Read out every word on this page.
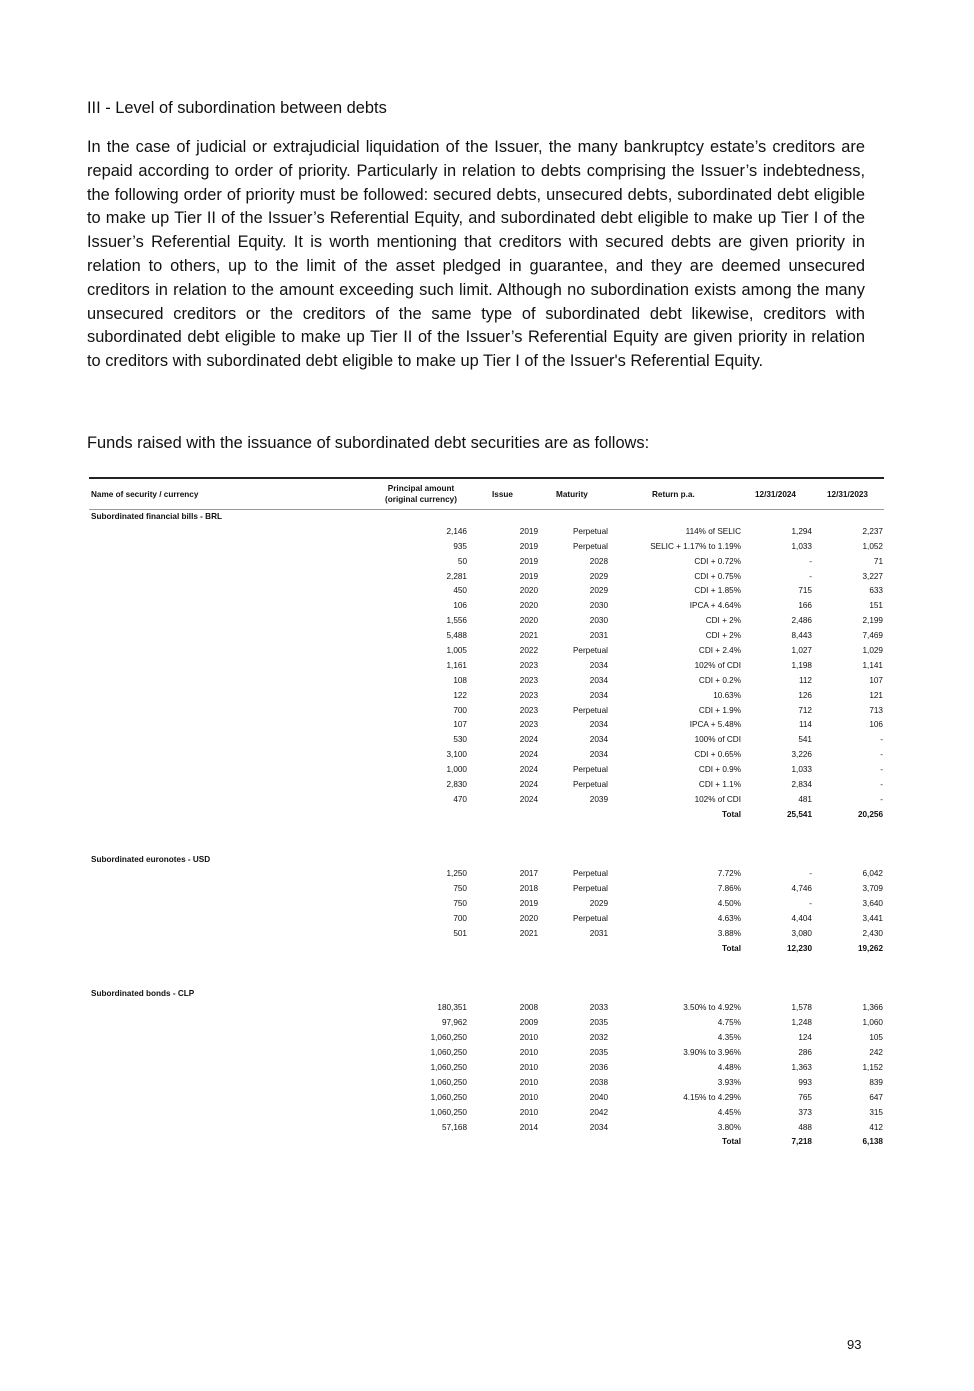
III - Level of subordination between debts

In the case of judicial or extrajudicial liquidation of the Issuer, the many bankruptcy estate’s creditors are repaid according to order of priority. Particularly in relation to debts comprising the Issuer’s indebtedness, the following order of priority must be followed: secured debts, unsecured debts, subordinated debt eligible to make up Tier II of the Issuer’s Referential Equity, and subordinated debt eligible to make up Tier I of the Issuer’s Referential Equity. It is worth mentioning that creditors with secured debts are given priority in relation to others, up to the limit of the asset pledged in guarantee, and they are deemed unsecured creditors in relation to the amount exceeding such limit. Although no subordination exists among the many unsecured creditors or the creditors of the same type of subordinated debt likewise, creditors with subordinated debt eligible to make up Tier II of the Issuer’s Referential Equity are given priority in relation to creditors with subordinated debt eligible to make up Tier I of the Issuer's Referential Equity.

Funds raised with the issuance of subordinated debt securities are as follows:
Name of security / currency
Principal amount
(original currency)
Issue	Maturity	Return p.a.	12/31/2024	12/31/2023
Subordinated financial bills - BRL
2,146	2019	Perpetual	114% of SELIC	1,294	2,237
935	2019	Perpetual	SELIC + 1.17% to 1.19%	1,033	1,052
50	2019	2028	CDI + 0.72%	-	71
2,281	2019	2029	CDI + 0.75%	-	3,227
450	2020	2029	CDI + 1.85%	715	633
106	2020	2030	IPCA + 4.64%	166	151
1,556	2020	2030	CDI + 2%	2,486	2,199
5,488	2021	2031	CDI + 2%	8,443	7,469
1,005	2022	Perpetual	CDI + 2.4%	1,027	1,029
1,161	2023	2034	102% of CDI	1,198	1,141
108	2023	2034	CDI + 0.2%	112	107
122	2023	2034	10.63%	126	121
700	2023	Perpetual	CDI + 1.9%	712	713
107	2023	2034	IPCA + 5.48%	114	106
530	2024	2034	100% of CDI	541	-
3,100	2024	2034	CDI + 0.65%	3,226	-
1,000	2024	Perpetual	CDI + 0.9%	1,033	-
2,830	2024	Perpetual	CDI + 1.1%	2,834	-
470	2024	2039	102% of CDI	481	-
Total	25,541	20,256
Subordinated euronotes - USD
1,250	2017	Perpetual	7.72%	-	6,042
750	2018	Perpetual	7.86%	4,746	3,709
750	2019	2029	4.50%	-	3,640
700	2020	Perpetual	4.63%	4,404	3,441
501	2021	2031	3.88%	3,080	2,430
Total	12,230	19,262
Subordinated bonds - CLP
180,351	2008	2033	3.50% to 4.92%	1,578	1,366
97,962	2009	2035	4.75%	1,248	1,060
1,060,250	2010	2032	4.35%	124	105
1,060,250	2010	2035	3.90% to 3.96%	286	242
1,060,250	2010	2036	4.48%	1,363	1,152
1,060,250	2010	2038	3.93%	993	839
1,060,250	2010	2040	4.15% to 4.29%	765	647
1,060,250	2010	2042	4.45%	373	315
57,168	2014	2034	3.80%	488	412
Total	7,218	6,138
93
